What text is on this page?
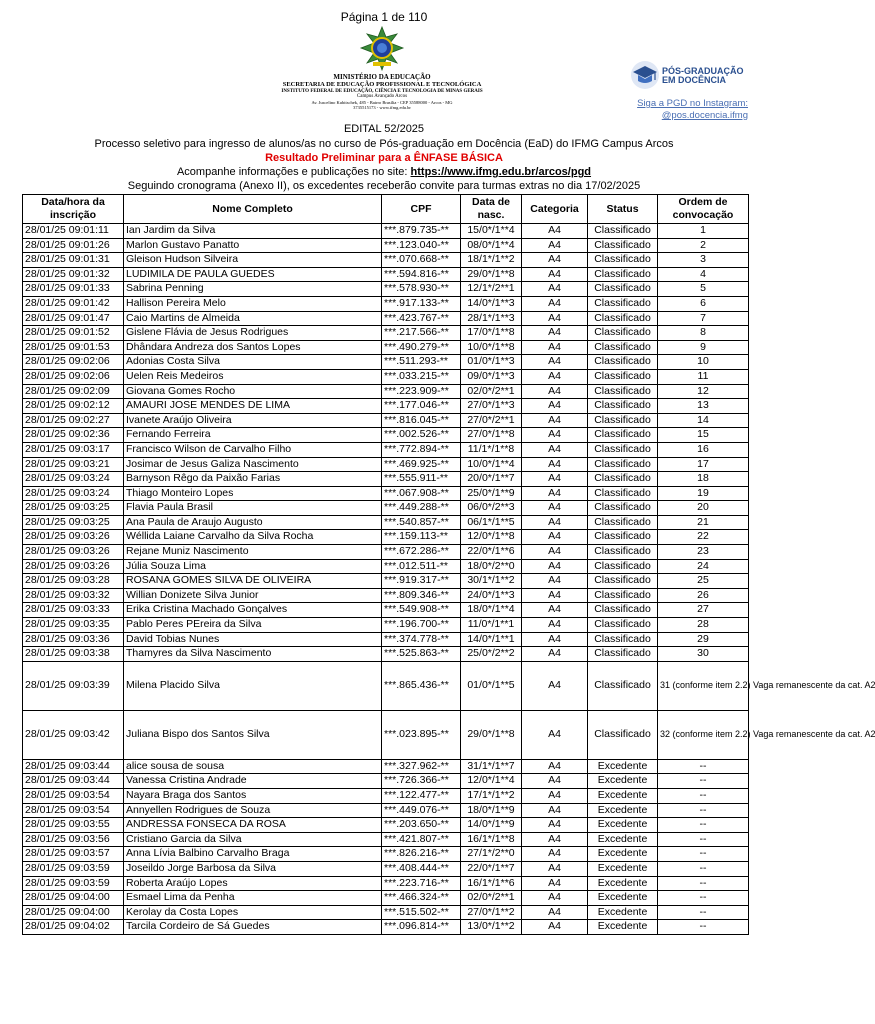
Página 1 de 110
MINISTÉRIO DA EDUCAÇÃO
SECRETARIA DE EDUCAÇÃO PROFISSIONAL E TECNOLÓGICA
INSTITUTO FEDERAL DE EDUCAÇÃO, CIÊNCIA E TECNOLOGIA DE MINAS GERAIS
Campus Avançado Arcos
Av. Juscelino Kubitschek, 485 - Bairro Brasília - CEP 35588000 - Arcos - MG
3735515173 - www.ifmg.edu.br
PÓS-GRADUAÇÃO
EM DOCÊNCIA
Siga a PGD no Instagram:
@pos.docencia.ifmg
EDITAL 52/2025
Processo seletivo para ingresso de alunos/as no curso de Pós-graduação em Docência (EaD) do IFMG Campus Arcos
Resultado Preliminar para a ÊNFASE BÁSICA
Acompanhe informações e publicações no site: https://www.ifmg.edu.br/arcos/pgd
Seguindo cronograma (Anexo II), os excedentes receberão convite para turmas extras no dia 17/02/2025
Data/hora da inscrição	Nome Completo	CPF	Data de nasc.	Categoria	Status	Ordem de convocação
28/01/25 09:01:11	Ian Jardim da Silva	***.879.735-**	15/0*/1**4	A4	Classificado	1
28/01/25 09:01:26	Marlon Gustavo Panatto	***.123.040-**	08/0*/1**4	A4	Classificado	2
28/01/25 09:01:31	Gleison Hudson Silveira	***.070.668-**	18/1*/1**2	A4	Classificado	3
28/01/25 09:01:32	LUDIMILA DE PAULA GUEDES	***.594.816-**	29/0*/1**8	A4	Classificado	4
28/01/25 09:01:33	Sabrina Penning	***.578.930-**	12/1*/2**1	A4	Classificado	5
28/01/25 09:01:42	Hallison Pereira Melo	***.917.133-**	14/0*/1**3	A4	Classificado	6
28/01/25 09:01:47	Caio Martins de Almeida	***.423.767-**	28/1*/1**3	A4	Classificado	7
28/01/25 09:01:52	Gislene Flávia de Jesus Rodrigues	***.217.566-**	17/0*/1**8	A4	Classificado	8
28/01/25 09:01:53	Dhândara Andreza dos Santos Lopes	***.490.279-**	10/0*/1**8	A4	Classificado	9
28/01/25 09:02:06	Adonias Costa Silva	***.511.293-**	01/0*/1**3	A4	Classificado	10
28/01/25 09:02:06	Uelen Reis Medeiros	***.033.215-**	09/0*/1**3	A4	Classificado	11
28/01/25 09:02:09	Giovana Gomes Rocho	***.223.909-**	02/0*/2**1	A4	Classificado	12
28/01/25 09:02:12	AMAURI JOSE MENDES DE LIMA	***.177.046-**	27/0*/1**3	A4	Classificado	13
28/01/25 09:02:27	Ivanete Araújo Oliveira	***.816.045-**	27/0*/2**1	A4	Classificado	14
28/01/25 09:02:36	Fernando Ferreira	***.002.526-**	27/0*/1**8	A4	Classificado	15
28/01/25 09:03:17	Francisco Wilson de Carvalho Filho	***.772.894-**	11/1*/1**8	A4	Classificado	16
28/01/25 09:03:21	Josimar de Jesus Galiza Nascimento	***.469.925-**	10/0*/1**4	A4	Classificado	17
28/01/25 09:03:24	Barnyson Rêgo da Paixão Farias	***.555.911-**	20/0*/1**7	A4	Classificado	18
28/01/25 09:03:24	Thiago Monteiro Lopes	***.067.908-**	25/0*/1**9	A4	Classificado	19
28/01/25 09:03:25	Flavia Paula Brasil	***.449.288-**	06/0*/2**3	A4	Classificado	20
28/01/25 09:03:25	Ana Paula de Araujo Augusto	***.540.857-**	06/1*/1**5	A4	Classificado	21
28/01/25 09:03:26	Wéllida Laiane Carvalho da Silva Rocha	***.159.113-**	12/0*/1**8	A4	Classificado	22
28/01/25 09:03:26	Rejane Muniz Nascimento	***.672.286-**	22/0*/1**6	A4	Classificado	23
28/01/25 09:03:26	Júlia Souza Lima	***.012.511-**	18/0*/2**0	A4	Classificado	24
28/01/25 09:03:28	ROSANA GOMES SILVA DE OLIVEIRA	***.919.317-**	30/1*/1**2	A4	Classificado	25
28/01/25 09:03:32	Willian Donizete Silva Junior	***.809.346-**	24/0*/1**3	A4	Classificado	26
28/01/25 09:03:33	Erika Cristina Machado Gonçalves	***.549.908-**	18/0*/1**4	A4	Classificado	27
28/01/25 09:03:35	Pablo Peres PEreira da Silva	***.196.700-**	11/0*/1**1	A4	Classificado	28
28/01/25 09:03:36	David Tobias Nunes	***.374.778-**	14/0*/1**1	A4	Classificado	29
28/01/25 09:03:38	Thamyres da Silva Nascimento	***.525.863-**	25/0*/2**2	A4	Classificado	30
28/01/25 09:03:39	Milena Placido Silva	***.865.436-**	01/0*/1**5	A4	Classificado	31 (conforme item 2.2) Vaga remanescente da cat. A2
28/01/25 09:03:42	Juliana Bispo dos Santos Silva	***.023.895-**	29/0*/1**8	A4	Classificado	32 (conforme item 2.2) Vaga remanescente da cat. A2
28/01/25 09:03:44	alice sousa de sousa	***.327.962-**	31/1*/1**7	A4	Excedente	--
28/01/25 09:03:44	Vanessa Cristina Andrade	***.726.366-**	12/0*/1**4	A4	Excedente	--
28/01/25 09:03:54	Nayara Braga dos Santos	***.122.477-**	17/1*/1**2	A4	Excedente	--
28/01/25 09:03:54	Annyellen Rodrigues de Souza	***.449.076-**	18/0*/1**9	A4	Excedente	--
28/01/25 09:03:55	ANDRESSA FONSECA DA ROSA	***.203.650-**	14/0*/1**9	A4	Excedente	--
28/01/25 09:03:56	Cristiano Garcia da Silva	***.421.807-**	16/1*/1**8	A4	Excedente	--
28/01/25 09:03:57	Anna Lívia Balbino Carvalho Braga	***.826.216-**	27/1*/2**0	A4	Excedente	--
28/01/25 09:03:59	Joseildo Jorge Barbosa da Silva	***.408.444-**	22/0*/1**7	A4	Excedente	--
28/01/25 09:03:59	Roberta Araújo Lopes	***.223.716-**	16/1*/1**6	A4	Excedente	--
28/01/25 09:04:00	Esmael Lima da Penha	***.466.324-**	02/0*/2**1	A4	Excedente	--
28/01/25 09:04:00	Kerolay da Costa Lopes	***.515.502-**	27/0*/1**2	A4	Excedente	--
28/01/25 09:04:02	Tarcila Cordeiro de Sá Guedes	***.096.814-**	13/0*/1**2	A4	Excedente	--
